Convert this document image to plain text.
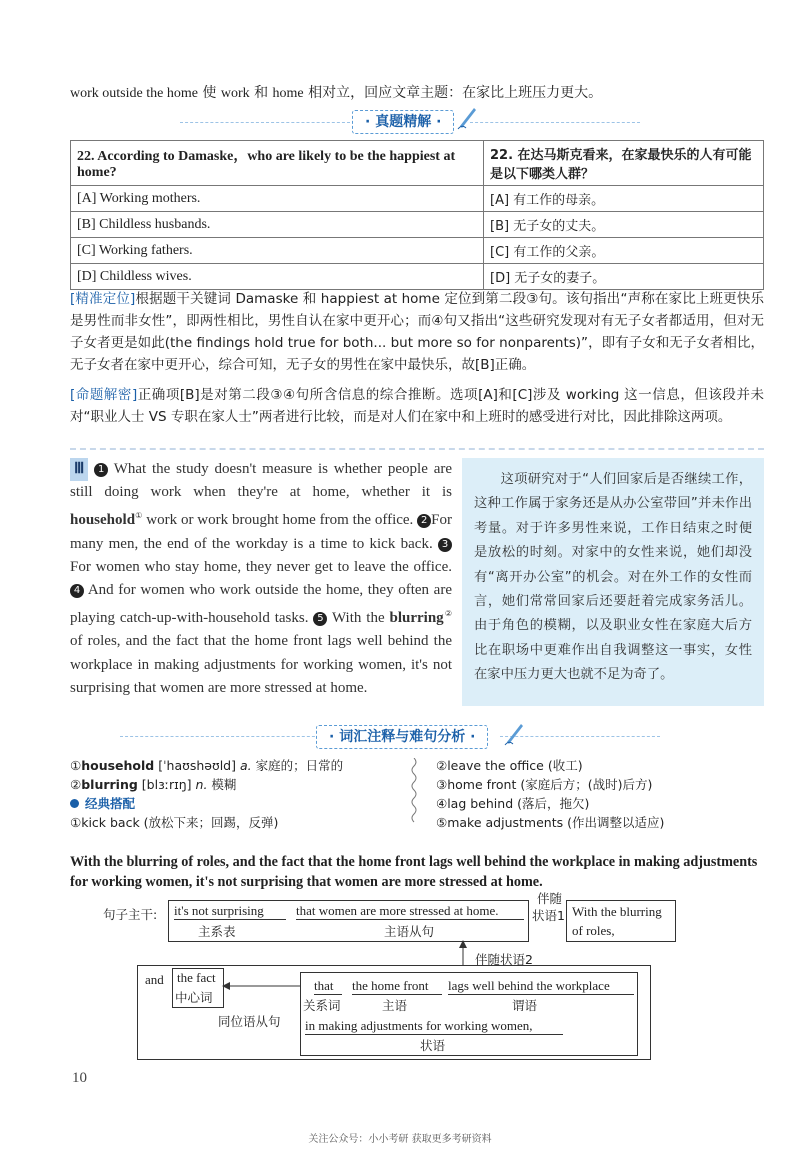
work outside the home 使 work 和 home 相对立，回应文章主题：在家比上班压力更大。
· 真题精解 ·
22. According to Damaske，who are likely to be the happiest at home?	22. 在达马斯克看来，在家最快乐的人有可能是以下哪类人群？
[A] Working mothers.	[A] 有工作的母亲。
[B] Childless husbands.	[B] 无子女的丈夫。
[C] Working fathers.	[C] 有工作的父亲。
[D] Childless wives.	[D] 无子女的妻子。
[精准定位]根据题干关键词 Damaske 和 happiest at home 定位到第二段③句。该句指出“声称在家比上班更快乐是男性而非女性”，即两性相比，男性自认在家中更开心；而④句又指出“这些研究发现对有无子女者都适用，但对无子女者更是如此(the findings hold true for both... but more so for nonparents)”，即有子女和无子女者相比，无子女者在家中更开心，综合可知，无子女的男性在家中最快乐，故[B]正确。
[命题解密]正确项[B]是对第二段③④句所含信息的综合推断。选项[A]和[C]涉及 working 这一信息，但该段并未对“职业人士 VS 专职在家人士”两者进行比较，而是对人们在家中和上班时的感受进行对比，因此排除这两项。
Ⅲ 1 What the study doesn't measure is whether people are still doing work when they're at home, whether it is household① work or work brought home from the office. 2 For many men, the end of the workday is a time to kick back. 3 For women who stay home, they never get to leave the office. 4 And for women who work outside the home, they often are playing catch-up-with-household tasks. 5 With the blurring② of roles, and the fact that the home front lags well behind the workplace in making adjustments for working women, it's not surprising that women are more stressed at home.
这项研究对于“人们回家后是否继续工作，这种工作属于家务还是从办公室带回”并未作出考量。对于许多男性来说，工作日结束之时便是放松的时刻。对家中的女性来说，她们却没有“离开办公室”的机会。对在外工作的女性而言，她们常常回家后还要赶着完成家务活儿。由于角色的模糊，以及职业女性在家庭大后方比在职场中更难作出自我调整这一事实，女性在家中压力更大也就不足为奇了。
· 词汇注释与难句分析 ·
①household [ˈhaʊshəʊld] a. 家庭的；日常的
②blurring [blɜːrɪŋ] n. 模糊
经典搭配
①kick back (放松下来；回踢，反弹)
②leave the office (收工)
③home front (家庭后方；(战时)后方)
④lag behind (落后，拖欠)
⑤make adjustments (作出调整以适应)
With the blurring of roles, and the fact that the home front lags well behind the workplace in making adjustments for working women, it's not surprising that women are more stressed at home.
句子主干: it's not surprising
主系表
that women are more stressed at home.
主语从句
伴随
状语1 With the blurring of roles,
伴随状语2
and the fact
中心词
同位语从句
that
关系词
the home front
主语
lags well behind the workplace
谓语
in making adjustments for working women,
状语
10
关注公众号：小小考研 获取更多考研资料
